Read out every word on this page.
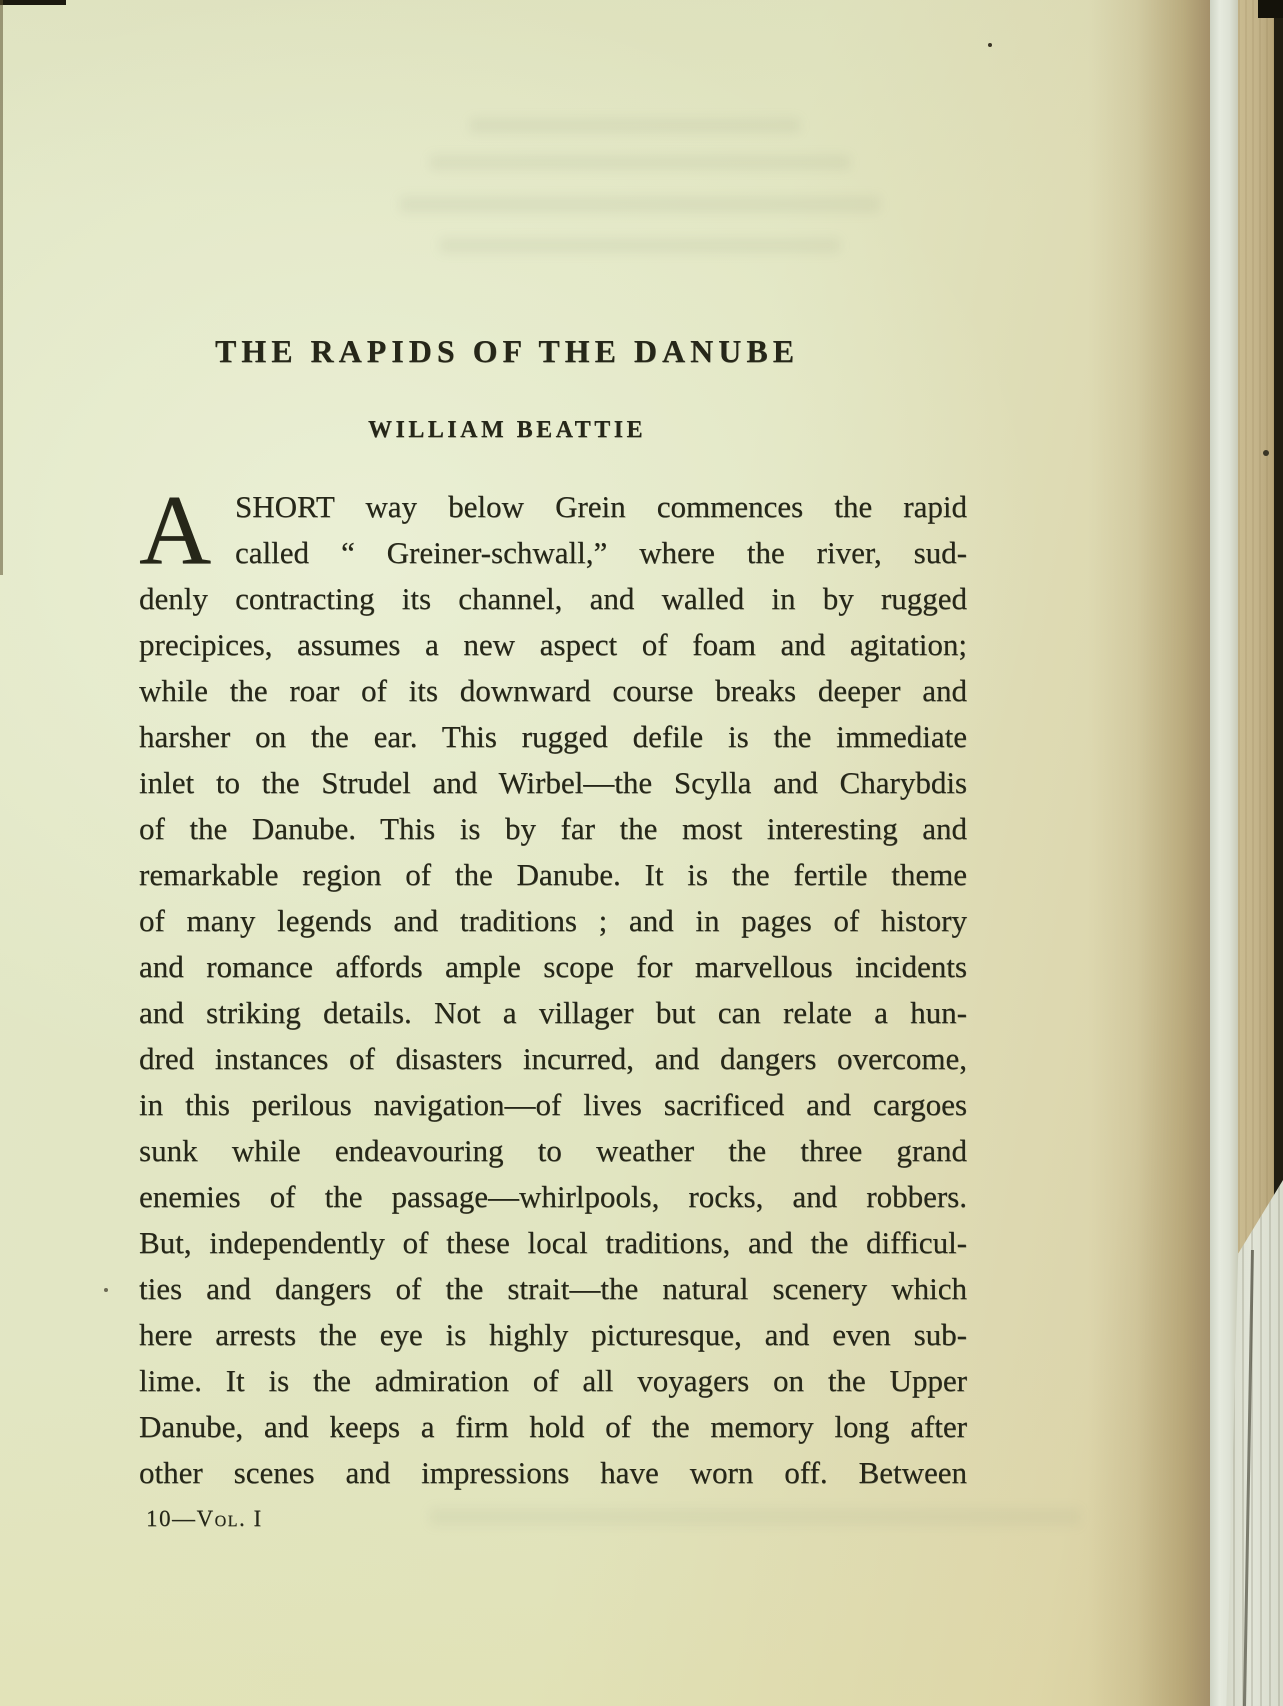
THE RAPIDS OF THE DANUBE
WILLIAM BEATTIE
A SHORT way below Grein commences the rapid
called “ Greiner-schwall,” where the river, sud-
denly contracting its channel, and walled in by rugged
precipices, assumes a new aspect of foam and agitation;
while the roar of its downward course breaks deeper and
harsher on the ear. This rugged defile is the immediate
inlet to the Strudel and Wirbel—the Scylla and Charybdis
of the Danube. This is by far the most interesting and
remarkable region of the Danube. It is the fertile theme
of many legends and traditions ; and in pages of history
and romance affords ample scope for marvellous incidents
and striking details. Not a villager but can relate a hun-
dred instances of disasters incurred, and dangers overcome,
in this perilous navigation—of lives sacrificed and cargoes
sunk while endeavouring to weather the three grand
enemies of the passage—whirlpools, rocks, and robbers.
But, independently of these local traditions, and the difficul-
ties and dangers of the strait—the natural scenery which
here arrests the eye is highly picturesque, and even sub-
lime. It is the admiration of all voyagers on the Upper
Danube, and keeps a firm hold of the memory long after
other scenes and impressions have worn off. Between
10—Vol. I
